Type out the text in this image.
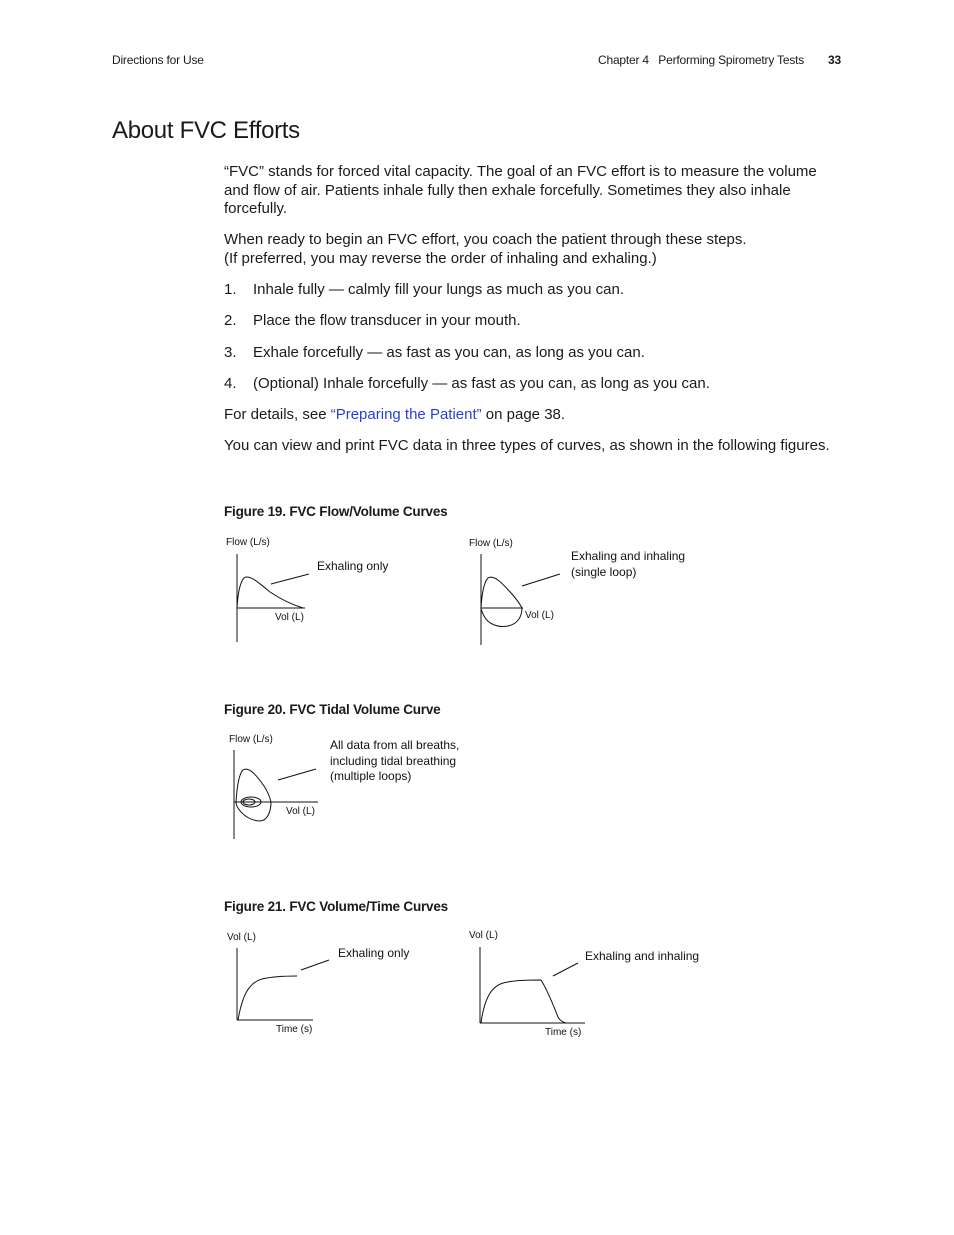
Directions for Use	Chapter 4   Performing Spirometry Tests 33
About FVC Efforts

“FVC” stands for forced vital capacity. The goal of an FVC effort is to measure the volume and flow of air. Patients inhale fully then exhale forcefully. Sometimes they also inhale forcefully.

When ready to begin an FVC effort, you coach the patient through these steps.
(If preferred, you may reverse the order of inhaling and exhaling.)
1. Inhale fully — calmly fill your lungs as much as you can.
2. Place the flow transducer in your mouth.
3. Exhale forcefully — as fast as you can, as long as you can.
4. (Optional) Inhale forcefully — as fast as you can, as long as you can.
For details, see “Preparing the Patient” on page 38.

You can view and print FVC data in three types of curves, as shown in the following figures.

Figure 19. FVC Flow/Volume Curves
Flow (L/s)
Vol (L)
Exhaling only
Flow (L/s)
Vol (L)
Exhaling and inhaling
(single loop)
Figure 20. FVC Tidal Volume Curve
Flow (L/s)
Vol (L)
All data from all breaths,
including tidal breathing
(multiple loops)
Figure 21. FVC Volume/Time Curves
Vol (L)
Time (s)
Exhaling only
Vol (L)
Time (s)
Exhaling and inhaling
